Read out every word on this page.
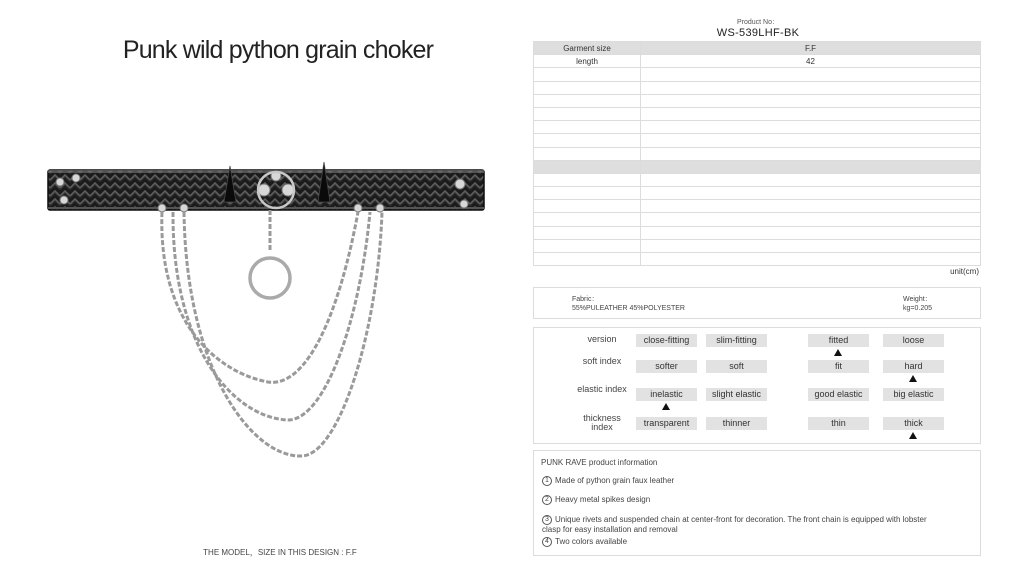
Punk wild python grain choker
THE MODEL，SIZE IN THIS DESIGN : F.F
Product No：
WS-539LHF-BK
Garment size	F.F
length	42

unit(cm)
Fabric：
55%PULEATHER 45%POLYESTER
Weight：
kg=0.205
version	close-fitting	slim-fitting	fitted	loose
soft index	softer	soft	fit	hard
elastic index	inelastic	slight elastic	good elastic	big elastic
thickness index	transparent	thinner	thin	thick
PUNK RAVE product information
1 Made of python grain faux leather
2 Heavy metal spikes design
3 Unique rivets and suspended chain at center-front for decoration. The front chain is equipped with lobster clasp for easy installation and removal
4 Two colors available
